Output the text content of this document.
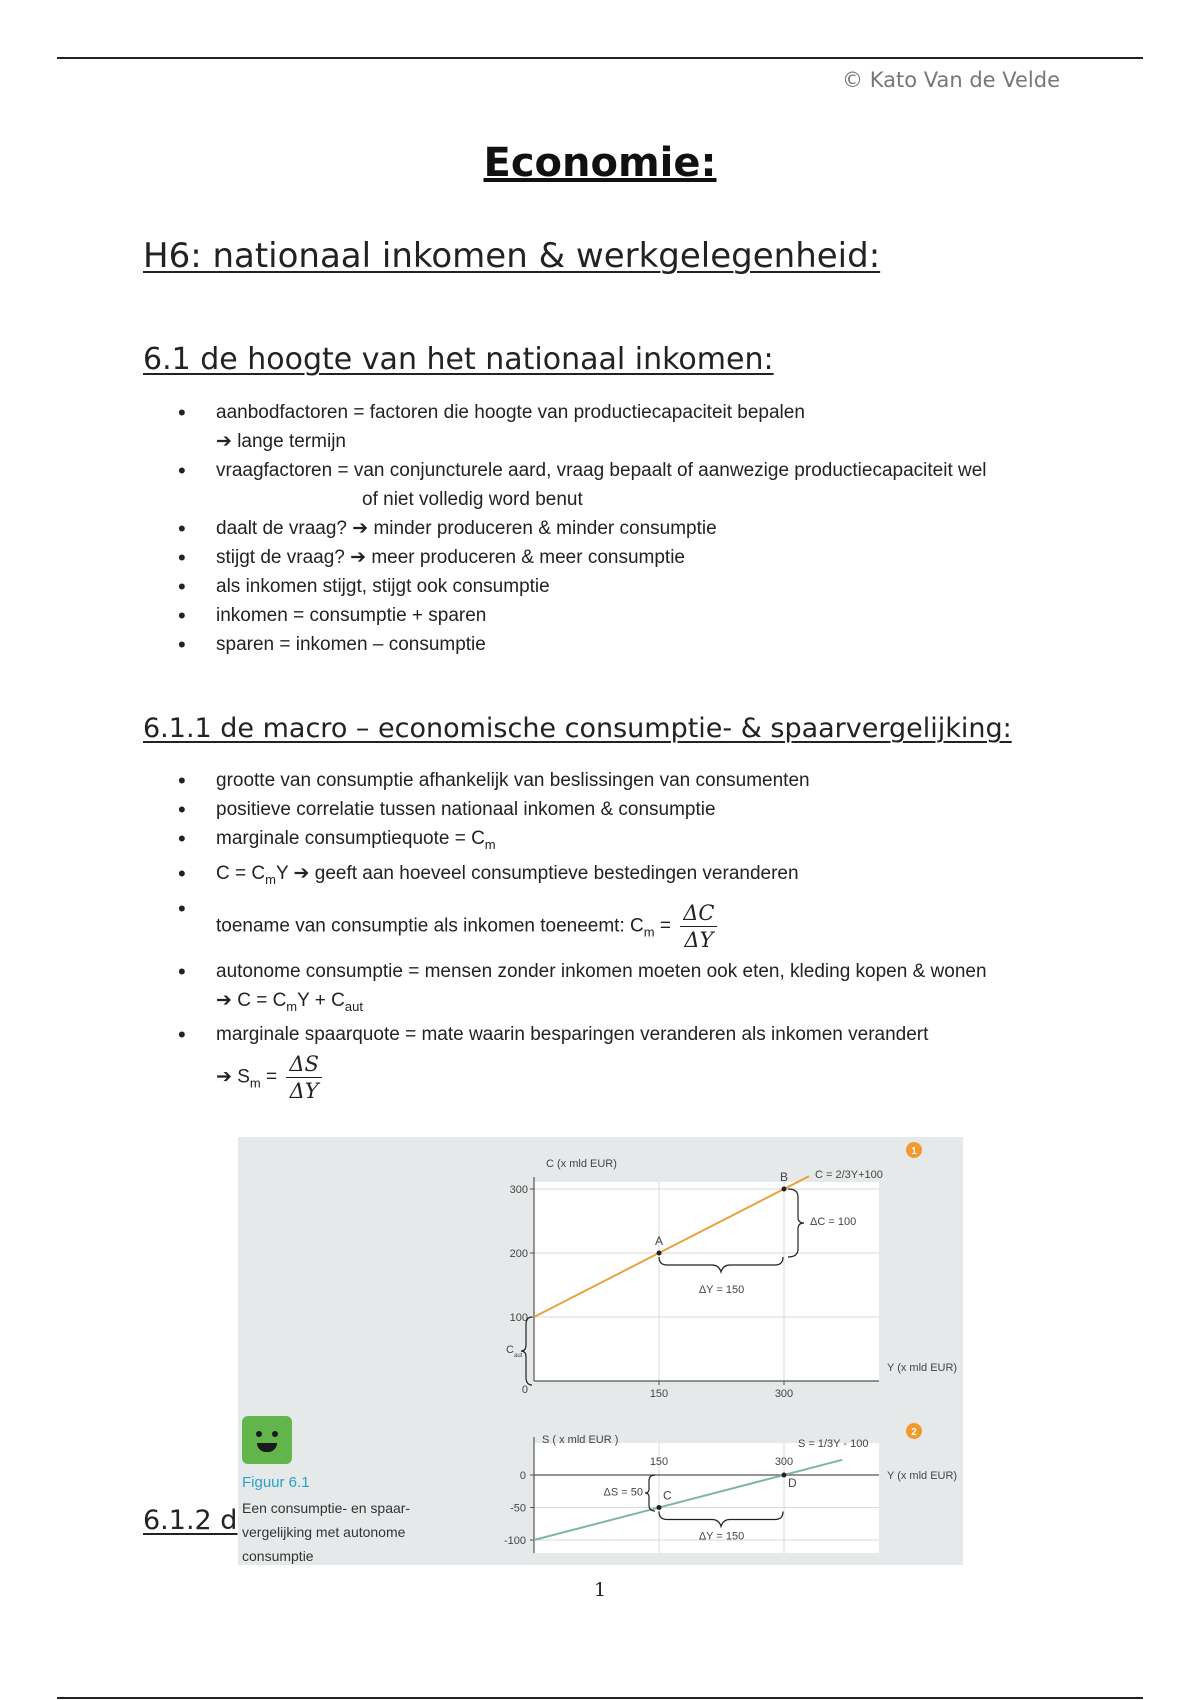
© Kato Van de Velde
Economie:
H6: nationaal inkomen & werkgelegenheid:
6.1 de hoogte van het nationaal inkomen:
• aanbodfactoren = factoren die hoogte van productiecapaciteit bepalen
➔ lange termijn
• vraagfactoren = van conjuncturele aard, vraag bepaalt of aanwezige productiecapaciteit wel
of niet volledig word benut
• daalt de vraag? ➔ minder produceren & minder consumptie
• stijgt de vraag? ➔ meer produceren & meer consumptie
• als inkomen stijgt, stijgt ook consumptie
• inkomen = consumptie + sparen
• sparen = inkomen – consumptie
6.1.1 de macro – economische consumptie- & spaarvergelijking:
• grootte van consumptie afhankelijk van beslissingen van consumenten
• positieve correlatie tussen nationaal inkomen & consumptie
• marginale consumptiequote = $C_m$
• $C = C_mY$ ➔ geeft aan hoeveel consumptieve bestedingen veranderen
• toename van consumptie als inkomen toeneemt: $C_m = \frac{\Delta C}{\Delta Y}$
• autonome consumptie = mensen zonder inkomen moeten ook eten, kleding kopen & wonen
➔ $C = C_mY + C_{aut}$
• marginale spaarquote = mate waarin besparingen veranderen als inkomen verandert
➔ $S_m = \frac{\Delta S}{\Delta Y}$
6.1.2 d
C (x mld EUR)
Y (x mld EUR)
0
100
200
300
150	300
C = 2/3Y+100
A
B
ΔC = 100
ΔY = 150
C aut
1
S ( x mld EUR )
Y (x mld EUR)
0
-50
-100
150	300
S = 1/3Y - 100
C
D
ΔS = 50
ΔY = 150
2
Figuur 6.1
Een consumptie- en spaar-vergelijking met autonome consumptie
1
